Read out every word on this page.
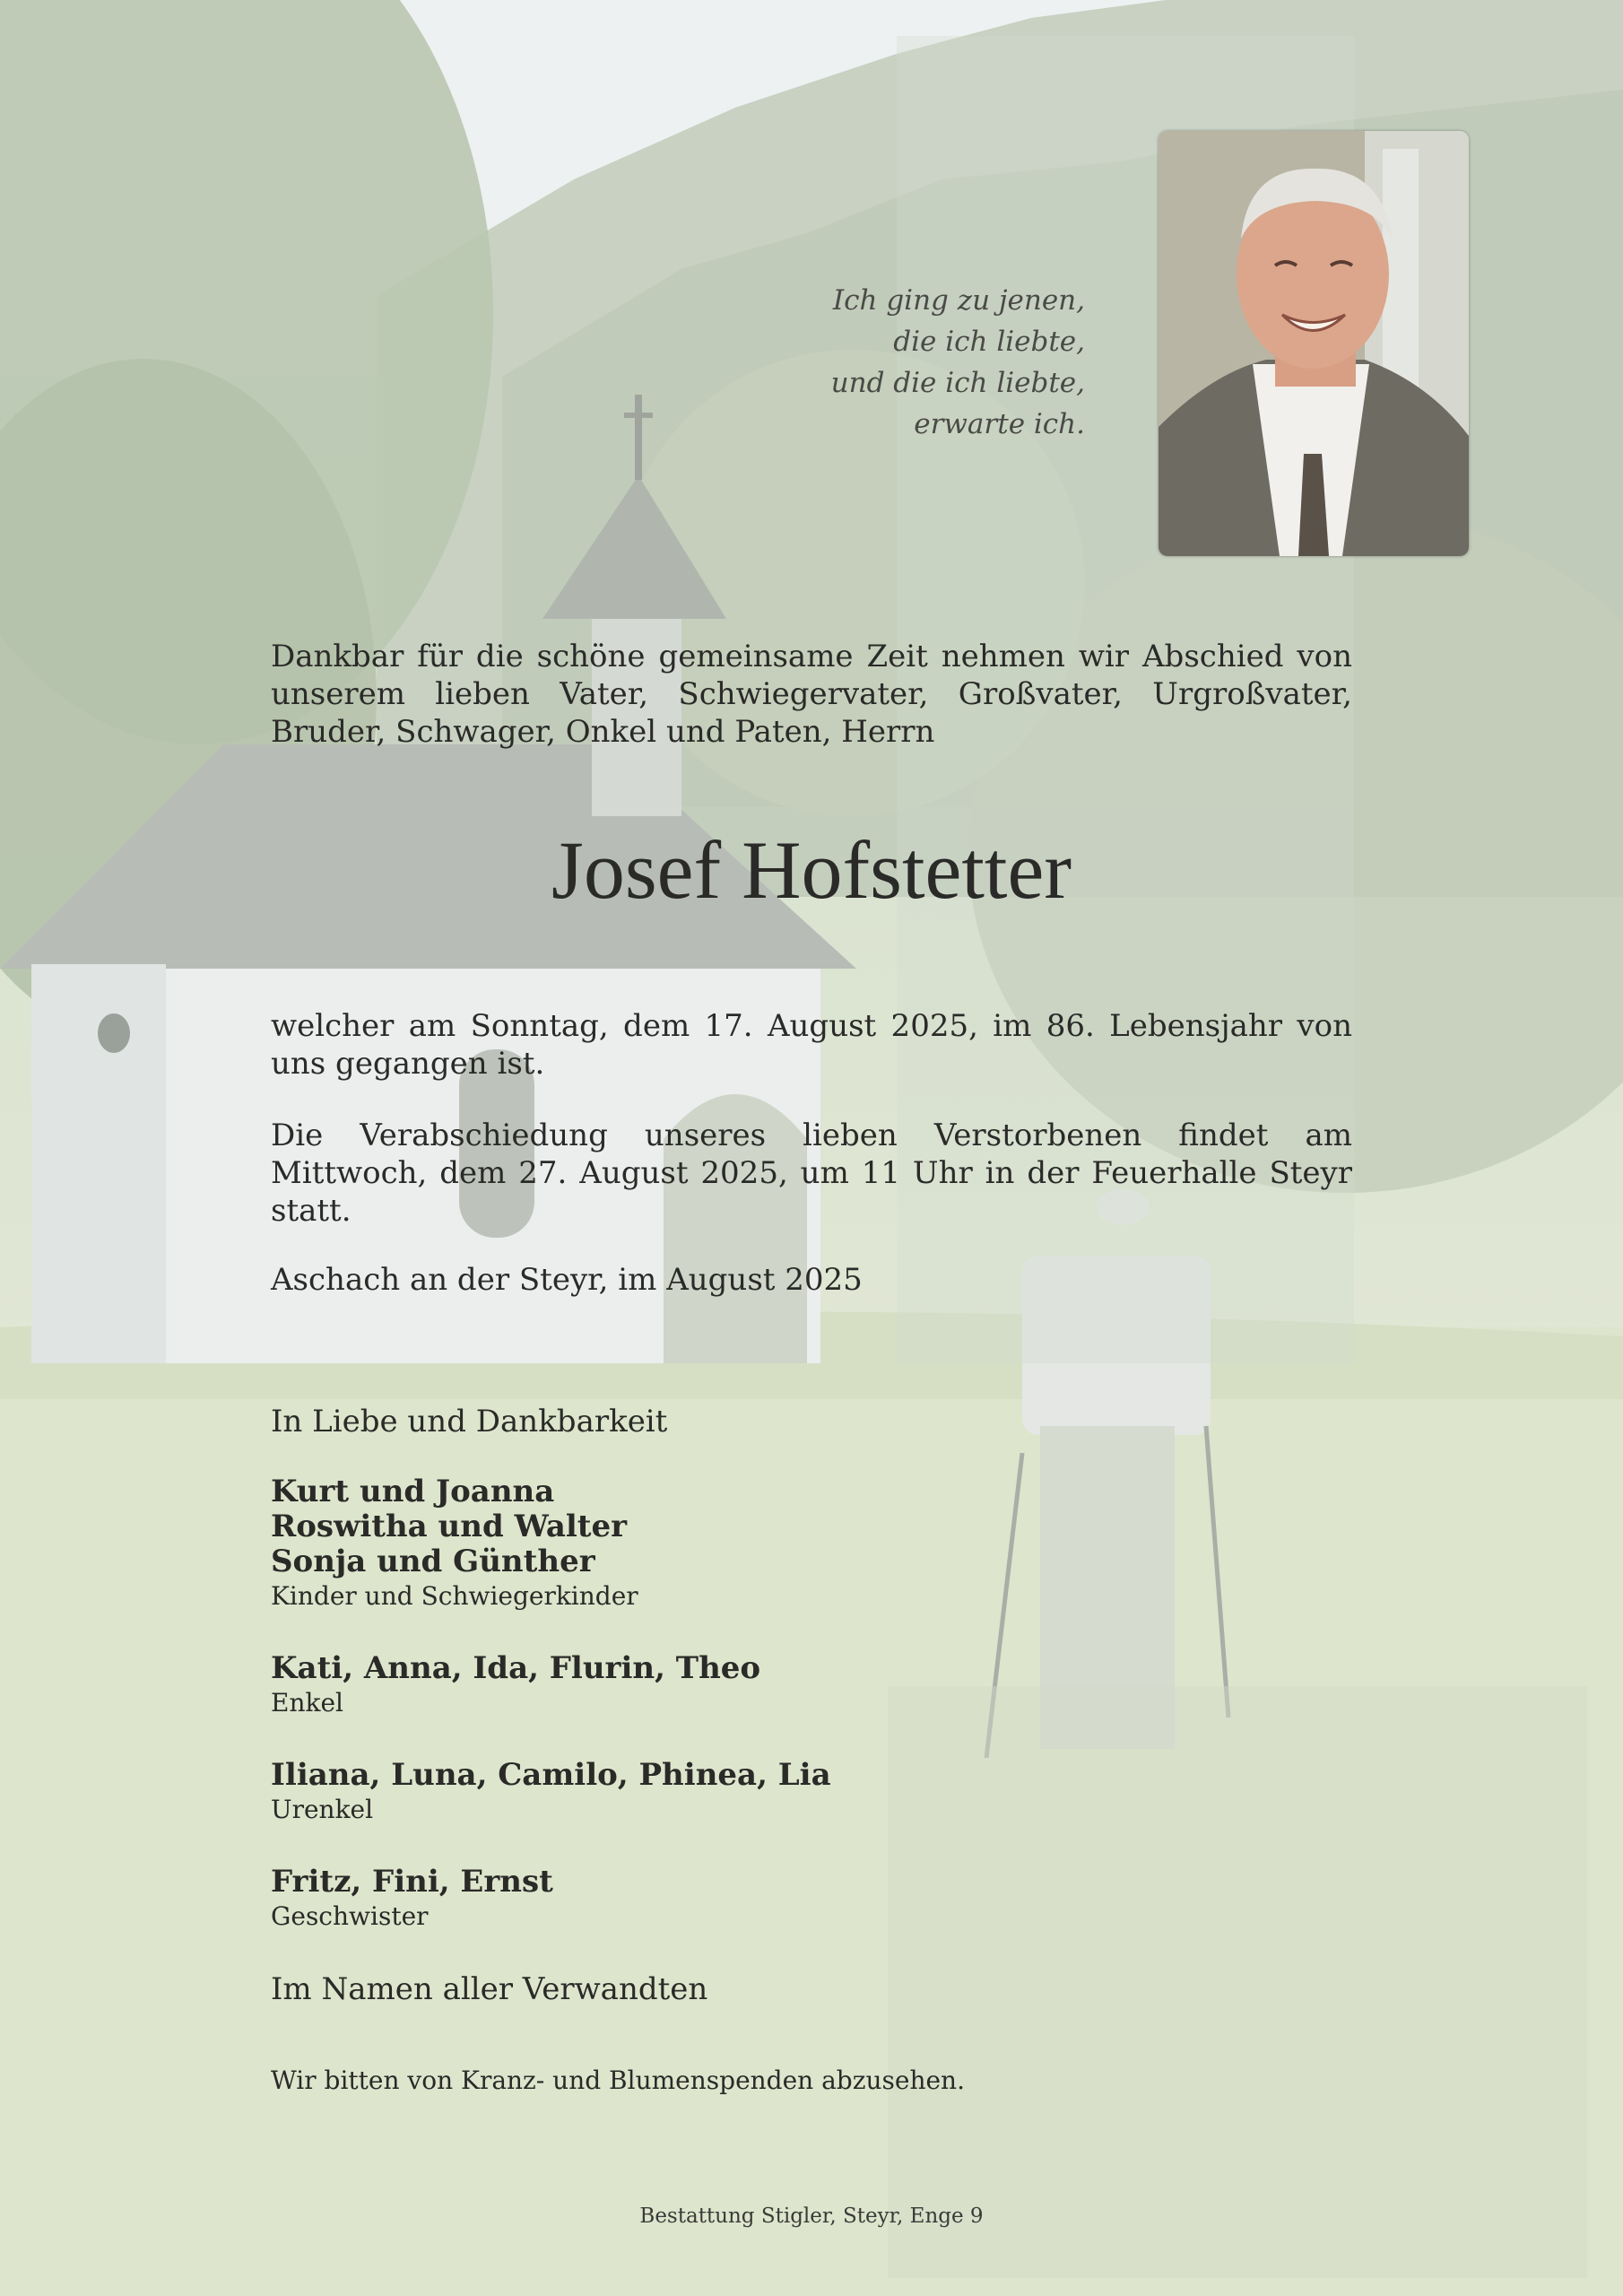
Ich ging zu jenen,
die ich liebte,
und die ich liebte,
erwarte ich.
Dankbar für die schöne gemeinsame Zeit nehmen wir Abschied von unserem lieben Vater, Schwiegervater, Großvater, Urgroßvater, Bruder, Schwager, Onkel und Paten, Herrn
Josef Hofstetter
welcher am Sonntag, dem 17. August 2025, im 86. Lebensjahr von uns gegangen ist.
Die Verabschiedung unseres lieben Verstorbenen findet am Mittwoch, dem 27. August 2025, um 11 Uhr in der Feuerhalle Steyr statt.
Aschach an der Steyr, im August 2025
In Liebe und Dankbarkeit
Kurt und Joanna
Roswitha und Walter
Sonja und Günther
Kinder und Schwiegerkinder
Kati, Anna, Ida, Flurin, Theo
Enkel
Iliana, Luna, Camilo, Phinea, Lia
Urenkel
Fritz, Fini, Ernst
Geschwister
Im Namen aller Verwandten
Wir bitten von Kranz- und Blumenspenden abzusehen.
Bestattung Stigler, Steyr, Enge 9
